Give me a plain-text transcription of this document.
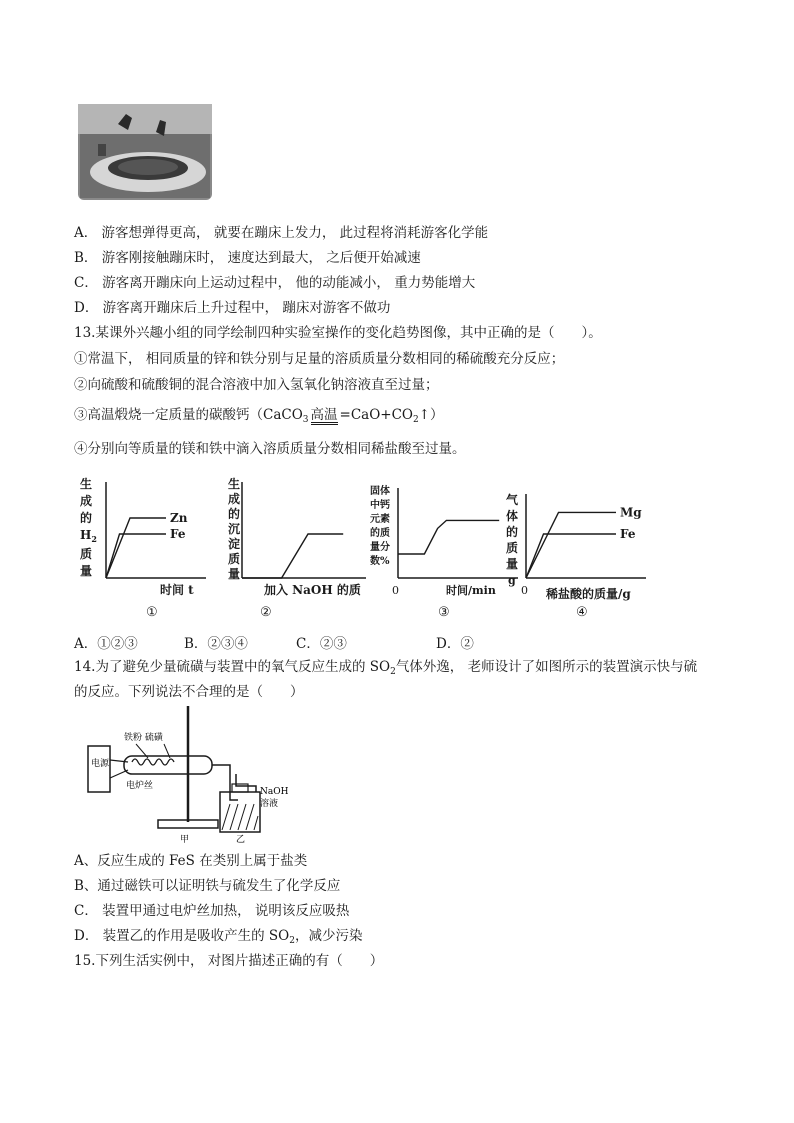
A． 游客想弹得更高， 就要在蹦床上发力， 此过程将消耗游客化学能
B． 游客刚接触蹦床时， 速度达到最大， 之后便开始减速
C． 游客离开蹦床向上运动过程中， 他的动能减小， 重力势能增大
D． 游客离开蹦床后上升过程中， 蹦床对游客不做功
13.某课外兴趣小组的同学绘制四种实验室操作的变化趋势图像，其中正确的是（　　）。
①常温下， 相同质量的锌和铁分别与足量的溶质质量分数相同的稀硫酸充分反应；
②向硫酸和硫酸铜的混合溶液中加入氢氧化钠溶液直至过量；
③高温煅烧一定质量的碳酸钙（CaCO$_3$ 高温 $=CaO+CO_2↑$）
④分别向等质量的镁和铁中滴入溶质质量分数相同稀盐酸至过量。
生
成
的
$H_2$
质
量
Zn
Fe
时间 t
①
生
成
的
沉
淀
质
量
加入 NaOH 的质
②
固体
中钙
元素
的质
量分
数%
0	时间/min
③
气
体
的
质
量
g
Mg
Fe
0 稀盐酸的质量/g
④
A．①②③	B．②③④	C．②③	D．②
14.为了避免少量硫磺与装置中的氧气反应生成的 $SO_2$气体外逸， 老师设计了如图所示的装置演示快与硫
的反应。下列说法不合理的是（　　）
电源
铁粉 硫磺
电炉丝
NaOH
溶液
甲	乙
A、反应生成的 FeS 在类别上属于盐类
B、通过磁铁可以证明铁与硫发生了化学反应
C． 装置甲通过电炉丝加热， 说明该反应吸热
D． 装置乙的作用是吸收产生的 $SO_2$，减少污染
15.下列生活实例中， 对图片描述正确的有（　　）
